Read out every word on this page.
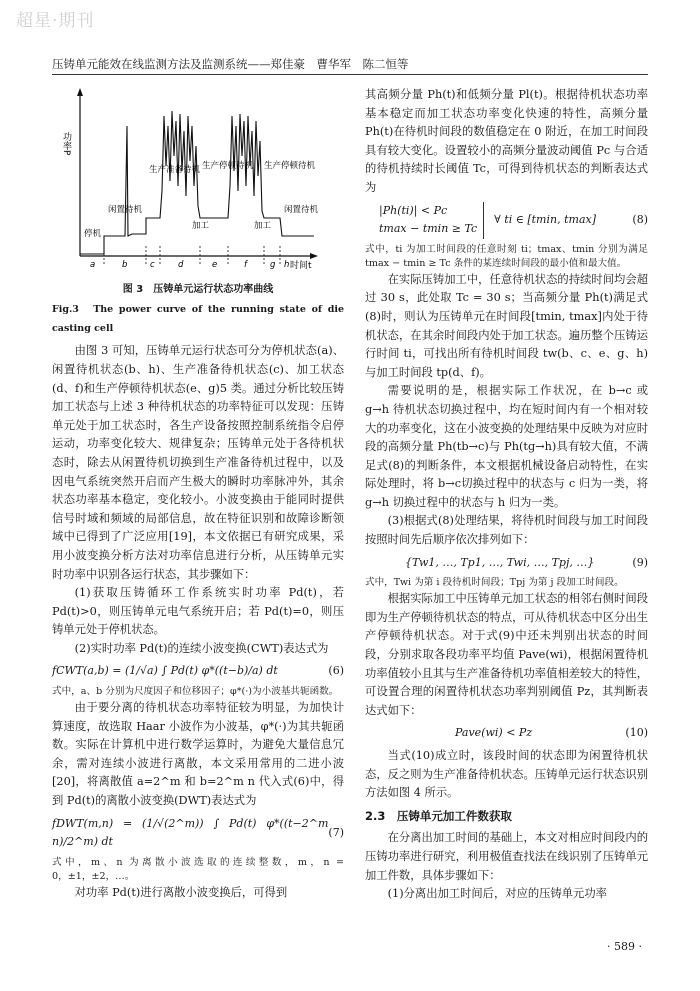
超星·期刊
压铸单元能效在线监测方法及监测系统——郑佳豪　曹华军　陈二恒等
功率P
时间t
停机
闲置待机
生产准备待机
加工
生产停顿待机
加工
生产停顿待机
闲置待机
a	b	c	d	e	f	g h
图 3　压铸单元运行状态功率曲线
Fig.3　The power curve of the running state of die casting cell

由图 3 可知，压铸单元运行状态可分为停机状态(a)、闲置待机状态(b、h)、生产准备待机状态(c)、加工状态(d、f)和生产停顿待机状态(e、g)5 类。通过分析比较压铸加工状态与上述 3 种待机状态的功率特征可以发现：压铸单元处于加工状态时，各生产设备按照控制系统指令启停运动，功率变化较大、规律复杂；压铸单元处于各待机状态时，除去从闲置待机切换到生产准备待机过程中，以及因电气系统突然开启而产生极大的瞬时功率脉冲外，其余状态功率基本稳定，变化较小。小波变换由于能同时提供信号时域和频域的局部信息，故在特征识别和故障诊断领域中已得到了广泛应用[19]，本文依据已有研究成果，采用小波变换分析方法对功率信息进行分析，从压铸单元实时功率中识别各运行状态，其步骤如下：

(1)获取压铸循环工作系统实时功率 Pd(t)，若 Pd(t)>0，则压铸单元电气系统开启；若 Pd(t)=0，则压铸单元处于停机状态。

(2)实时功率 Pd(t)的连续小波变换(CWT)表达式为

fCWT(a,b) = (1/√a) ∫ Pd(t) φ*((t−b)/a) dt	(6)

式中，a、b 分别为尺度因子和位移因子；φ*(·)为小波基共轭函数。

由于要分离的待机状态功率特征较为明显，为加快计算速度，故选取 Haar 小波作为小波基，φ*(·)为其共轭函数。实际在计算机中进行数学运算时，为避免大量信息冗余，需对连续小波进行离散，本文采用常用的二进小波[20]，将离散值 a=2^m 和 b=2^m n 代入式(6)中，得到 Pd(t)的离散小波变换(DWT)表达式为

fDWT(m,n) = (1/√(2^m)) ∫ Pd(t) φ*((t−2^m n)/2^m) dt
(7)

式中，m、n 为离散小波选取的连续整数，m，n = 0，±1，±2，…。

对功率 Pd(t)进行离散小波变换后，可得到

其高频分量 Ph(t)和低频分量 Pl(t)。根据待机状态功率基本稳定而加工状态功率变化快速的特性，高频分量 Ph(t)在待机时间段的数值稳定在 0 附近，在加工时间段具有较大变化。设置较小的高频分量波动阈值 Pc 与合适的待机持续时长阈值 Tc，可得到待机状态的判断表达式为

|Ph(ti)| < Pc
tmax − tmin ≥ Tc
∀ ti ∈ [tmin, tmax]	(8)

式中，ti 为加工时间段的任意时刻 ti；tmax、tmin 分别为满足 tmax − tmin ≥ Tc 条件的某连续时间段的最小值和最大值。

在实际压铸加工中，任意待机状态的持续时间均会超过 30 s，此处取 Tc = 30 s；当高频分量 Ph(t)满足式(8)时，则认为压铸单元在时间段[tmin, tmax]内处于待机状态，在其余时间段内处于加工状态。遍历整个压铸运行时间 ti，可找出所有待机时间段 tw(b、c、e、g、h)与加工时间段 tp(d、f)。

需要说明的是，根据实际工作状况，在 b→c 或 g→h 待机状态切换过程中，均在短时间内有一个相对较大的功率变化，这在小波变换的处理结果中反映为对应时段的高频分量 Ph(tb→c)与 Ph(tg→h)具有较大值，不满足式(8)的判断条件，本文根据机械设备启动特性，在实际处理时，将 b→c切换过程中的状态与 c 归为一类，将 g→h 切换过程中的状态与 h 归为一类。

(3)根据式(8)处理结果，将待机时间段与加工时间段按照时间先后顺序依次排列如下：

{Tw1, …, Tp1, …, Twi, …, Tpj, …}	(9)

式中，Twi 为第 i 段待机时间段；Tpj 为第 j 段加工时间段。

根据实际加工中压铸单元加工状态的相邻右侧时间段即为生产停顿待机状态的特点，可从待机状态中区分出生产停顿待机状态。对于式(9)中还未判别出状态的时间段，分别求取各段功率平均值 Pave(wi)，根据闲置待机功率值较小且其与生产准备待机功率值相差较大的特性，可设置合理的闲置待机状态功率判别阈值 Pz，其判断表达式如下：

Pave(wi) < Pz	(10)

当式(10)成立时，该段时间的状态即为闲置待机状态，反之则为生产准备待机状态。压铸单元运行状态识别方法如图 4 所示。

2.3　压铸单元加工件数获取

在分离出加工时间的基础上，本文对相应时间段内的压铸功率进行研究，利用极值查找法在线识别了压铸单元加工件数，具体步骤如下：

(1)分离出加工时间后，对应的压铸单元功率

· 589 ·
